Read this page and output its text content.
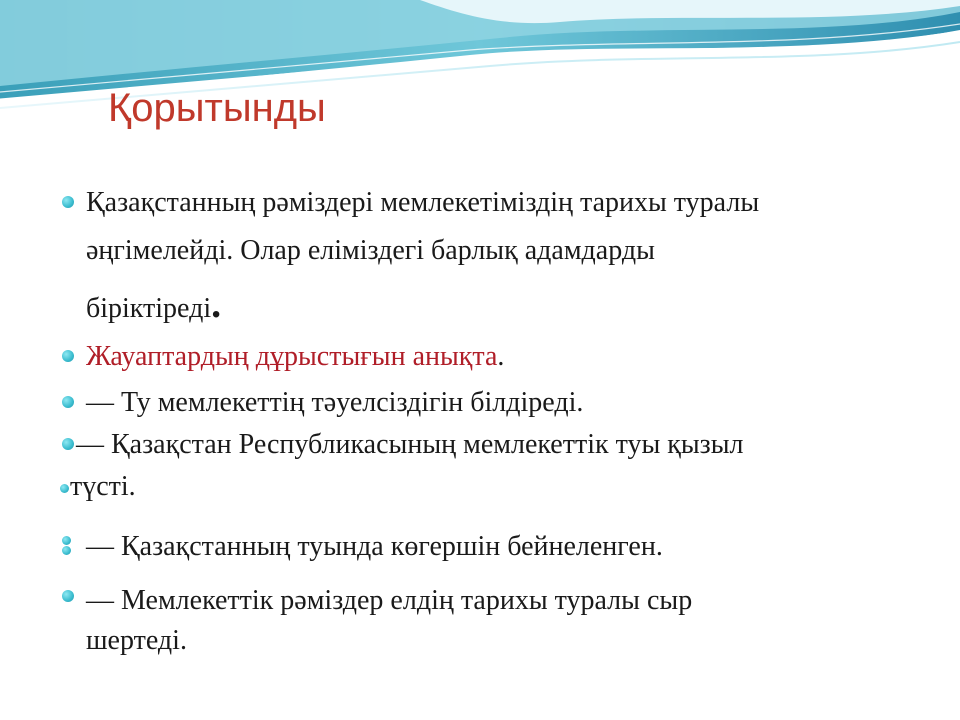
Қорытынды

Қазақстанның рәміздері мемлекетіміздің тарихы туралы

әңгімелейді. Олар еліміздегі барлық адамдарды

біріктіреді.

Жауаптардың дұрыстығын анықта.

— Ту мемлекеттің тәуелсіздігін білдіреді.

— Қазақстан Республикасының мемлекеттік туы қызыл

түсті.

— Қазақстанның туында көгершін бейнеленген.

— Мемлекеттік рәміздер елдің тарихы туралы сыр

шертеді.
